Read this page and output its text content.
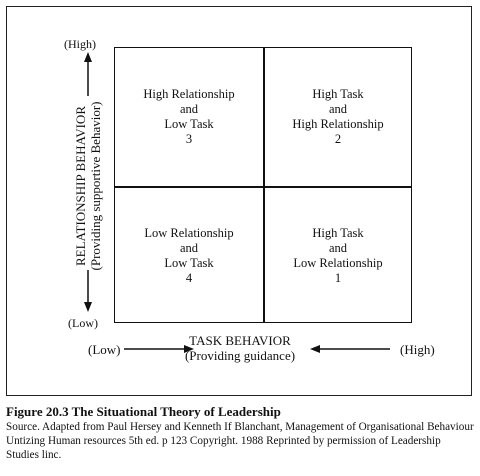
(High)
(Low)
RELATIONSHIP BEHAVIOR (Providing supportive Behavior)
High Relationship
and
Low Task
3
High Task
and
High Relationship
2
Low Relationship
and
Low Task
4
High Task
and
Low Relationship
1
TASK BEHAVIOR
(Providing guidance)
(Low)	(High)
Figure 20.3 The Situational Theory of Leadership
Source. Adapted from Paul Hersey and Kenneth If Blanchant, Management of Organisational Behaviour Untizing Human resources 5th ed. p 123 Copyright. 1988 Reprinted by permission of Leadership Studies linc.
